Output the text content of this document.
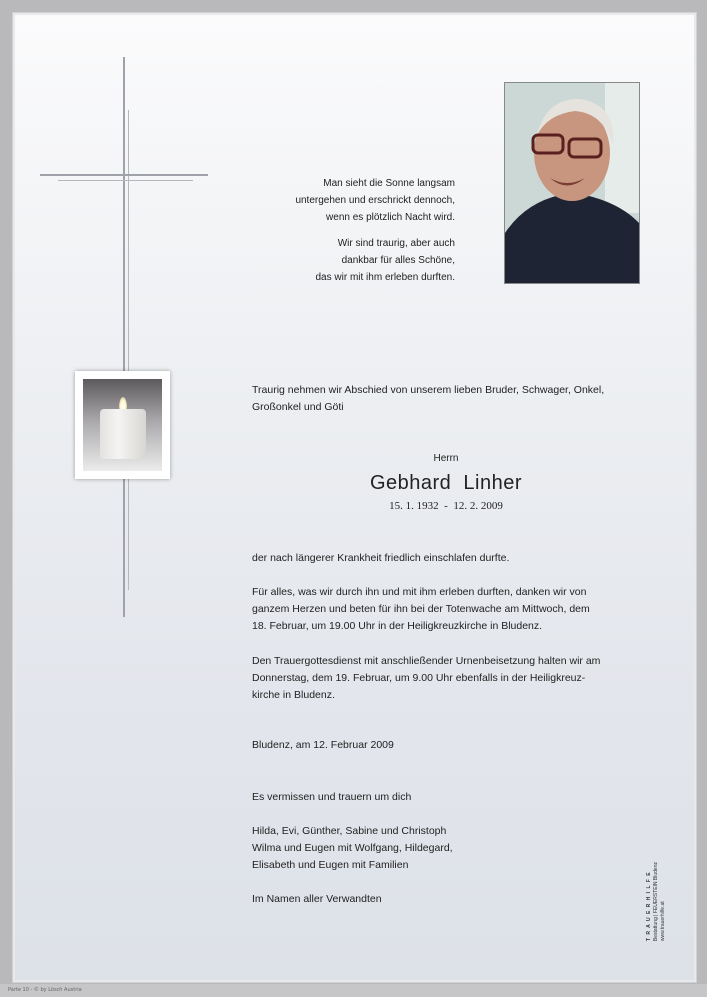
Parte 10 - © by Lösch Austria
Man sieht die Sonne langsam
untergehen und erschrickt dennoch,
wenn es plötzlich Nacht wird.
Wir sind traurig, aber auch
dankbar für alles Schöne,
das wir mit ihm erleben durften.
Traurig nehmen wir Abschied von unserem lieben Bruder, Schwager, Onkel,
Großonkel und Göti
Herrn
Gebhard  Linher
15. 1. 1932  -  12. 2. 2009
der nach längerer Krankheit friedlich einschlafen durfte.
Für alles, was wir durch ihn und mit ihm erleben durften, danken wir von
ganzem Herzen und beten für ihn bei der Totenwache am Mittwoch, dem
18. Februar, um 19.00 Uhr in der Heiligkreuzkirche in Bludenz.
Den Trauergottesdienst mit anschließender Urnenbeisetzung halten wir am
Donnerstag, dem 19. Februar, um 9.00 Uhr ebenfalls in der Heiligkreuz-
kirche in Bludenz.
Bludenz, am 12. Februar 2009
Es vermissen und trauern um dich
Hilda, Evi, Günther, Sabine und Christoph
Wilma und Eugen mit Wolfgang, Hildegard,
Elisabeth und Eugen mit Familien
Im Namen aller Verwandten	T R A U E R H I L F E Bestattung | FEUERSTEIN Bludenz www.trauerhilfe.at
